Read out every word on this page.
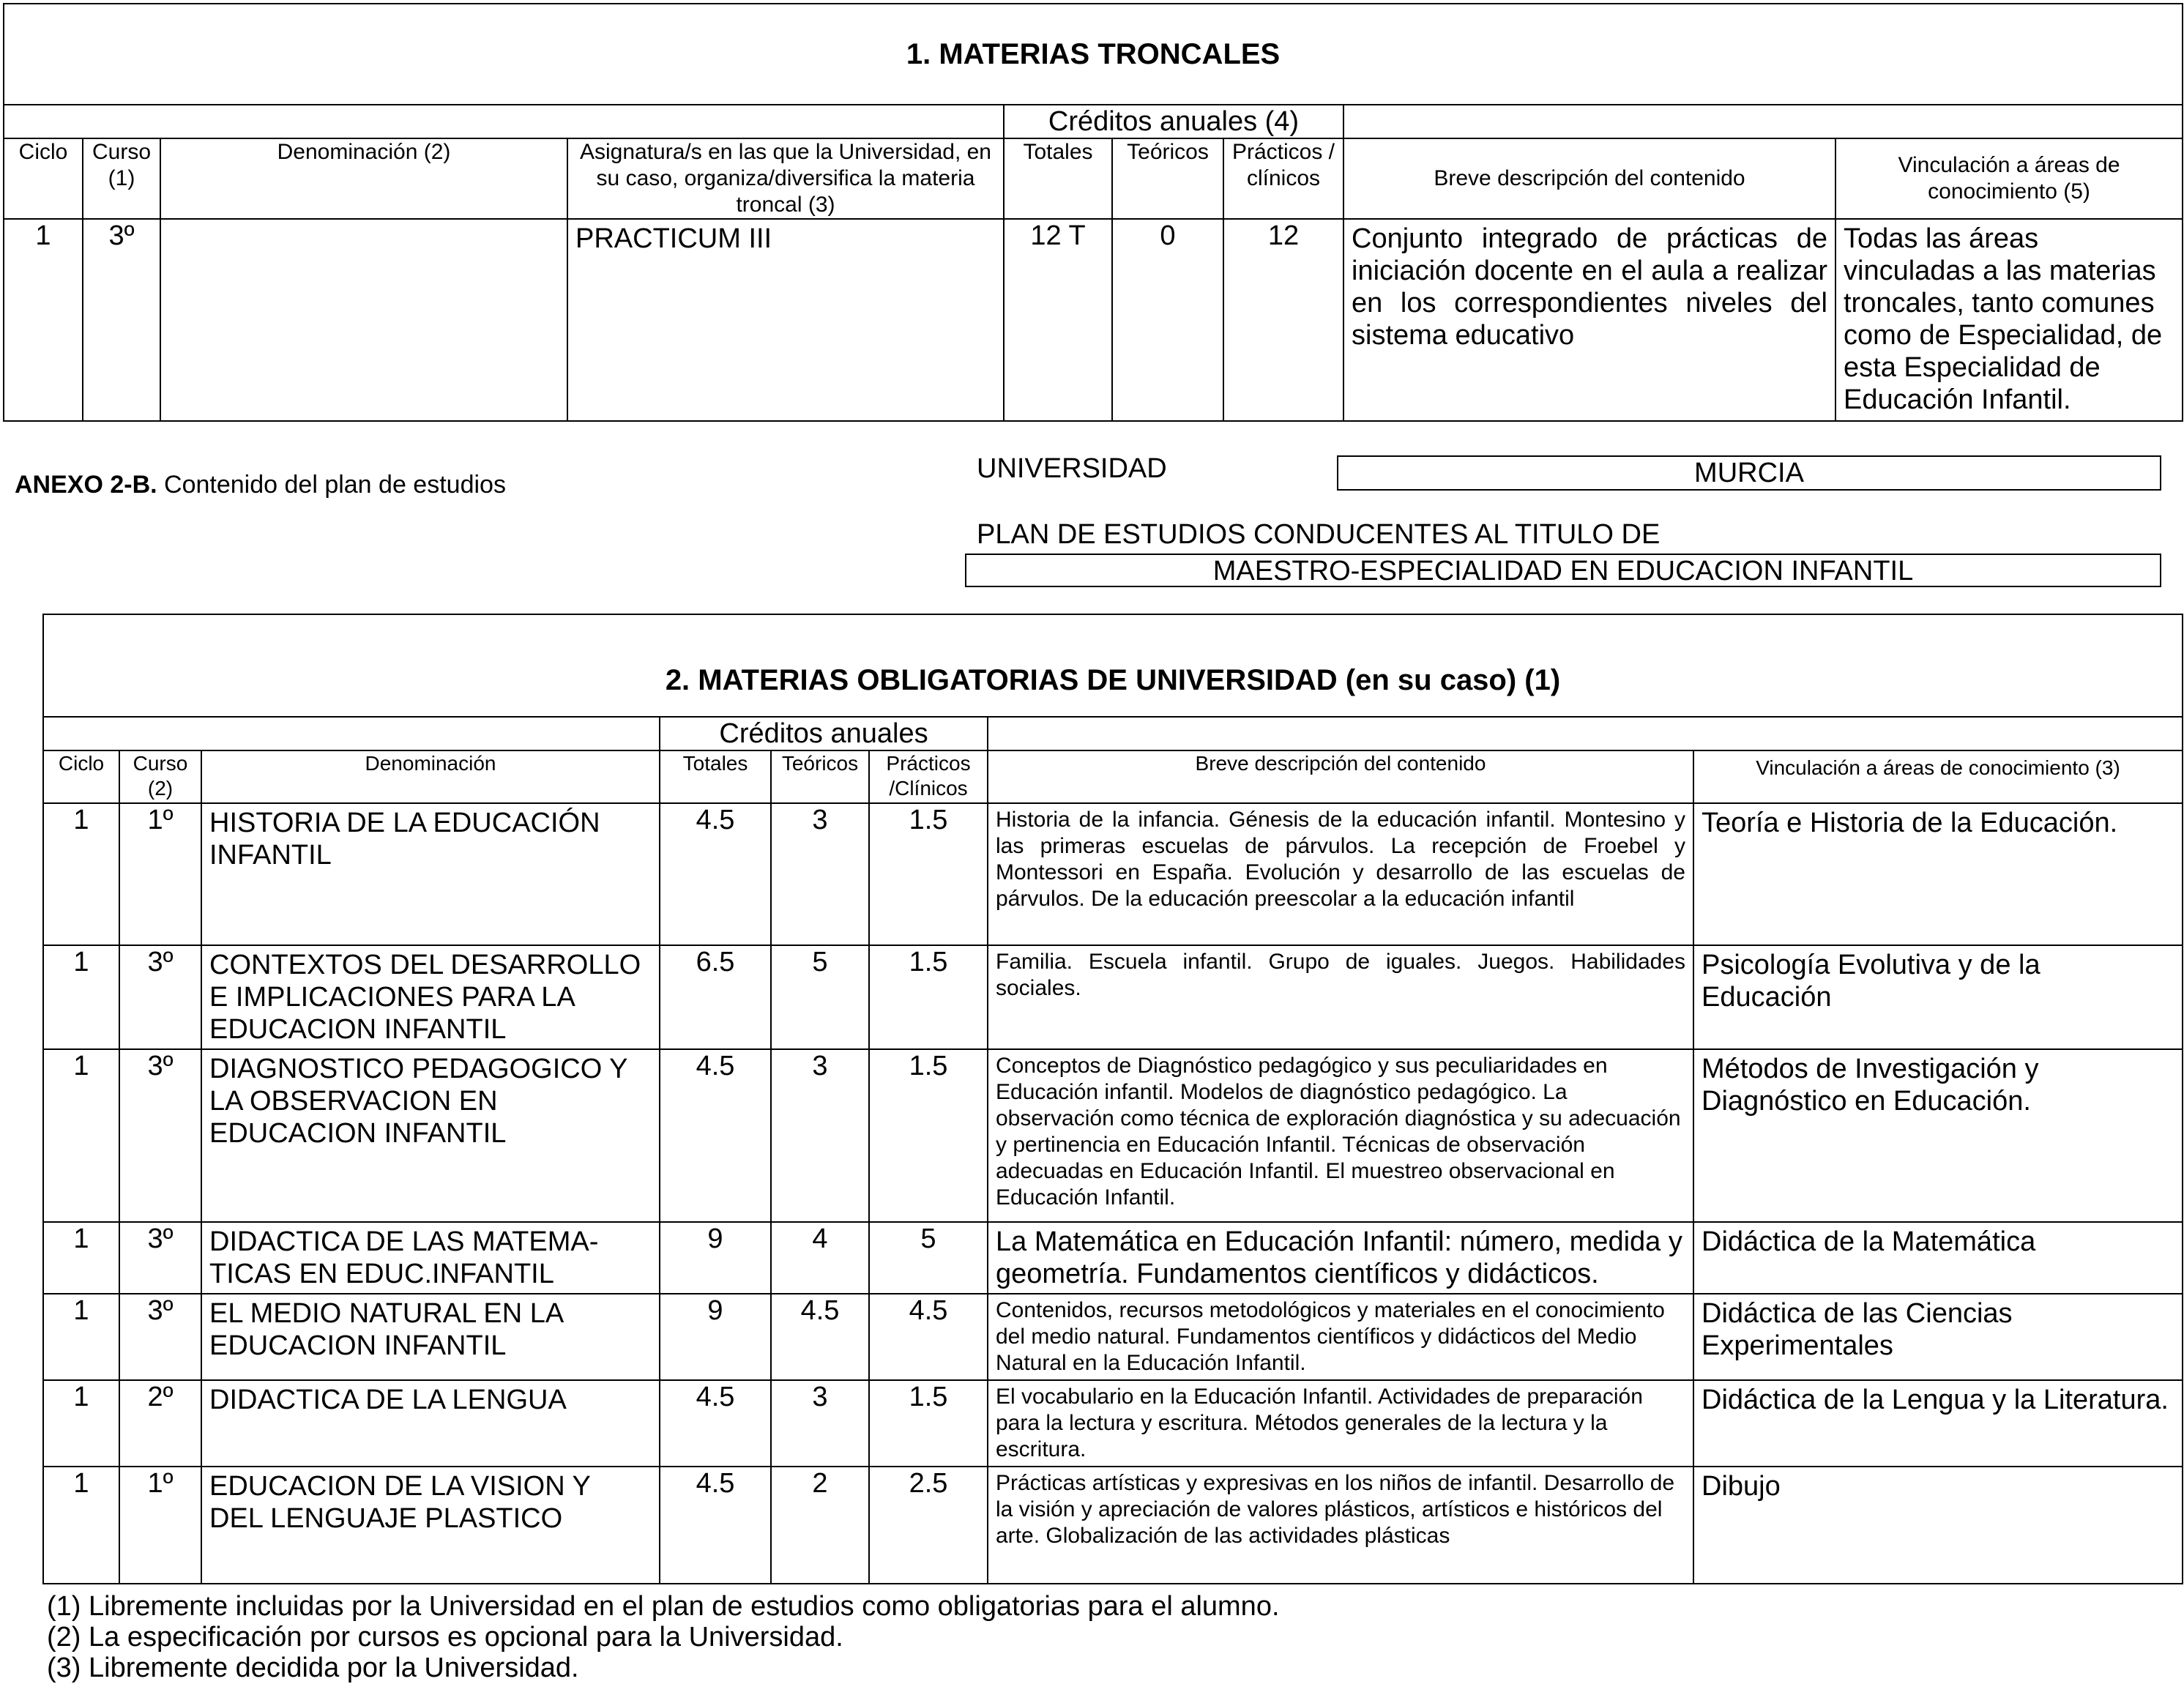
1. MATERIAS TRONCALES								
				Créditos anuales (4)				
Ciclo	Curso (1)	Denominación (2)	Asignatura/s en las que la Universidad, en su caso, organiza/diversifica la materia troncal (3)	Totales	Teóricos	Prácticos / clínicos	Breve descripción del contenido	Vinculación a áreas de conocimiento (5)
1	3º		PRACTICUM III	12 T	0	12	Conjunto integrado de prácticas de iniciación docente en el aula a realizar en los correspondientes niveles del sistema educativo	Todas las áreas vinculadas a las materias troncales, tanto comunes como de Especialidad, de esta Especialidad de Educación Infantil.
ANEXO 2-B. Contenido del plan de estudios
UNIVERSIDAD	MURCIA
PLAN DE ESTUDIOS CONDUCENTES AL TITULO DE
MAESTRO-ESPECIALIDAD EN EDUCACION INFANTIL
2. MATERIAS OBLIGATORIAS DE UNIVERSIDAD (en su caso) (1)							
			Créditos anuales				
Ciclo	Curso (2)	Denominación	Totales	Teóricos	Prácticos /Clínicos	Breve descripción del contenido	Vinculación a áreas de conocimiento (3)
1	1º	HISTORIA DE LA EDUCACIÓN INFANTIL	4.5	3	1.5	Historia de la infancia. Génesis de la educación infantil. Montesino y las primeras escuelas de párvulos. La recepción de Froebel y Montessori en España. Evolución y desarrollo de las escuelas de párvulos. De la educación preescolar a la educación infantil	Teoría e Historia de la Educación.
1	3º	CONTEXTOS DEL DESARROLLO E IMPLICACIONES PARA LA EDUCACION INFANTIL	6.5	5	1.5	Familia. Escuela infantil. Grupo de iguales. Juegos. Habilidades sociales.	Psicología Evolutiva y de la Educación
1	3º	DIAGNOSTICO PEDAGOGICO Y LA OBSERVACION EN EDUCACION INFANTIL	4.5	3	1.5	Conceptos de Diagnóstico pedagógico y sus peculiaridades en Educación infantil. Modelos de diagnóstico pedagógico. La observación como técnica de exploración diagnóstica y su adecuación y pertinencia en Educación Infantil. Técnicas de observación adecuadas en Educación Infantil. El muestreo observacional en Educación Infantil.	Métodos de Investigación y Diagnóstico en Educación.
1	3º	DIDACTICA DE LAS MATEMA-TICAS EN EDUC.INFANTIL	9	4	5	La Matemática en Educación Infantil: número, medida y geometría. Fundamentos científicos y didácticos.	Didáctica de la Matemática
1	3º	EL MEDIO NATURAL EN LA EDUCACION INFANTIL	9	4.5	4.5	Contenidos, recursos metodológicos y materiales en el conocimiento del medio natural. Fundamentos científicos y didácticos del Medio Natural en la Educación Infantil.	Didáctica de las Ciencias Experimentales
1	2º	DIDACTICA DE LA LENGUA	4.5	3	1.5	El vocabulario en la Educación Infantil. Actividades de preparación para la lectura y escritura. Métodos generales de la lectura y la escritura.	Didáctica de la Lengua y la Literatura.
1	1º	EDUCACION DE LA VISION Y DEL LENGUAJE PLASTICO	4.5	2	2.5	Prácticas artísticas y expresivas en los niños de infantil. Desarrollo de la visión y apreciación de valores plásticos, artísticos e históricos del arte. Globalización de las actividades plásticas	Dibujo
(1) Libremente incluidas por la Universidad en el plan de estudios como obligatorias para el alumno.
(2) La especificación por cursos es opcional para la Universidad.
(3) Libremente decidida por la Universidad.
